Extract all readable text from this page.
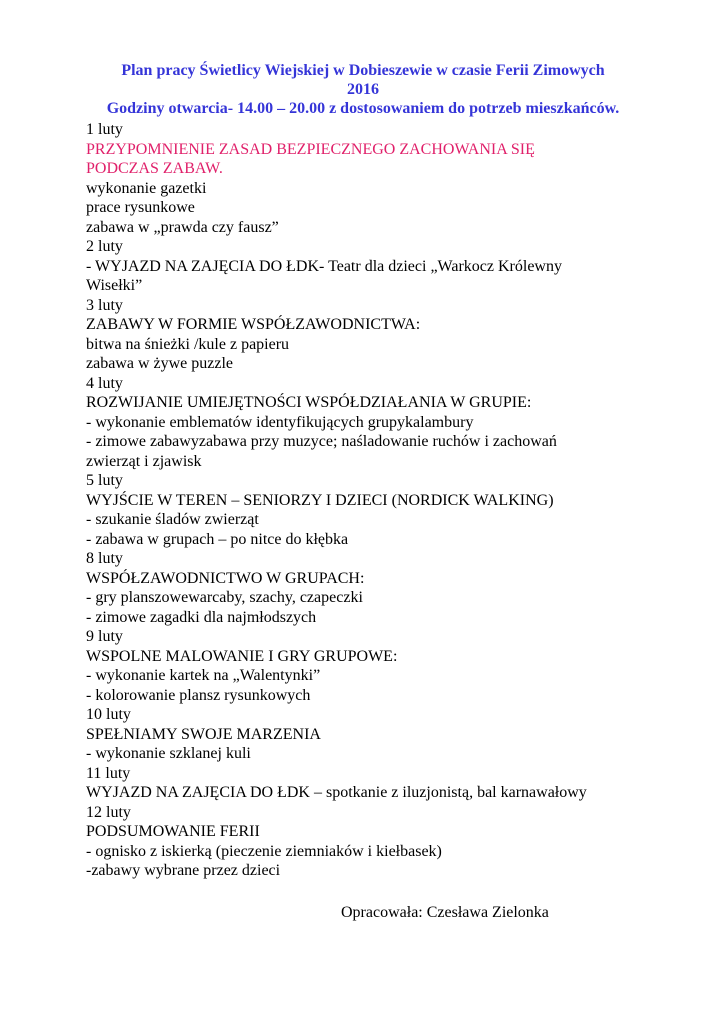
Plan pracy Świetlicy Wiejskiej w Dobieszewie w czasie Ferii Zimowych

2016

Godziny otwarcia- 14.00 – 20.00 z dostosowaniem do potrzeb mieszkańców.

1 luty
PRZYPOMNIENIE ZASAD BEZPIECZNEGO ZACHOWANIA SIĘ
PODCZAS ZABAW.
wykonanie gazetki
prace rysunkowe
zabawa w „prawda czy fausz”
2 luty
- WYJAZD NA ZAJĘCIA DO ŁDK- Teatr dla dzieci „Warkocz Królewny
Wisełki”
3 luty
ZABAWY W FORMIE WSPÓŁZAWODNICTWA:
bitwa na śnieżki /kule z papieru
zabawa w żywe puzzle
4 luty
ROZWIJANIE UMIEJĘTNOŚCI WSPÓŁDZIAŁANIA W GRUPIE:
- wykonanie emblematów identyfikujących grupykalambury
- zimowe zabawyzabawa przy muzyce; naśladowanie ruchów i zachowań
zwierząt i zjawisk
5 luty
WYJŚCIE W TEREN – SENIORZY I DZIECI (NORDICK WALKING)
- szukanie śladów zwierząt
- zabawa w grupach – po nitce do kłębka
8 luty
WSPÓŁZAWODNICTWO W GRUPACH:
- gry planszowewarcaby, szachy, czapeczki
- zimowe zagadki dla najmłodszych
9 luty
WSPOLNE MALOWANIE I GRY GRUPOWE:
- wykonanie kartek na „Walentynki”
- kolorowanie plansz rysunkowych
10 luty
SPEŁNIAMY SWOJE MARZENIA
- wykonanie szklanej kuli
11 luty
WYJAZD NA ZAJĘCIA DO ŁDK – spotkanie z iluzjonistą, bal karnawałowy
12 luty
PODSUMOWANIE FERII
- ognisko z iskierką (pieczenie ziemniaków i kiełbasek)
-zabawy wybrane przez dzieci

Opracowała: Czesława Zielonka
